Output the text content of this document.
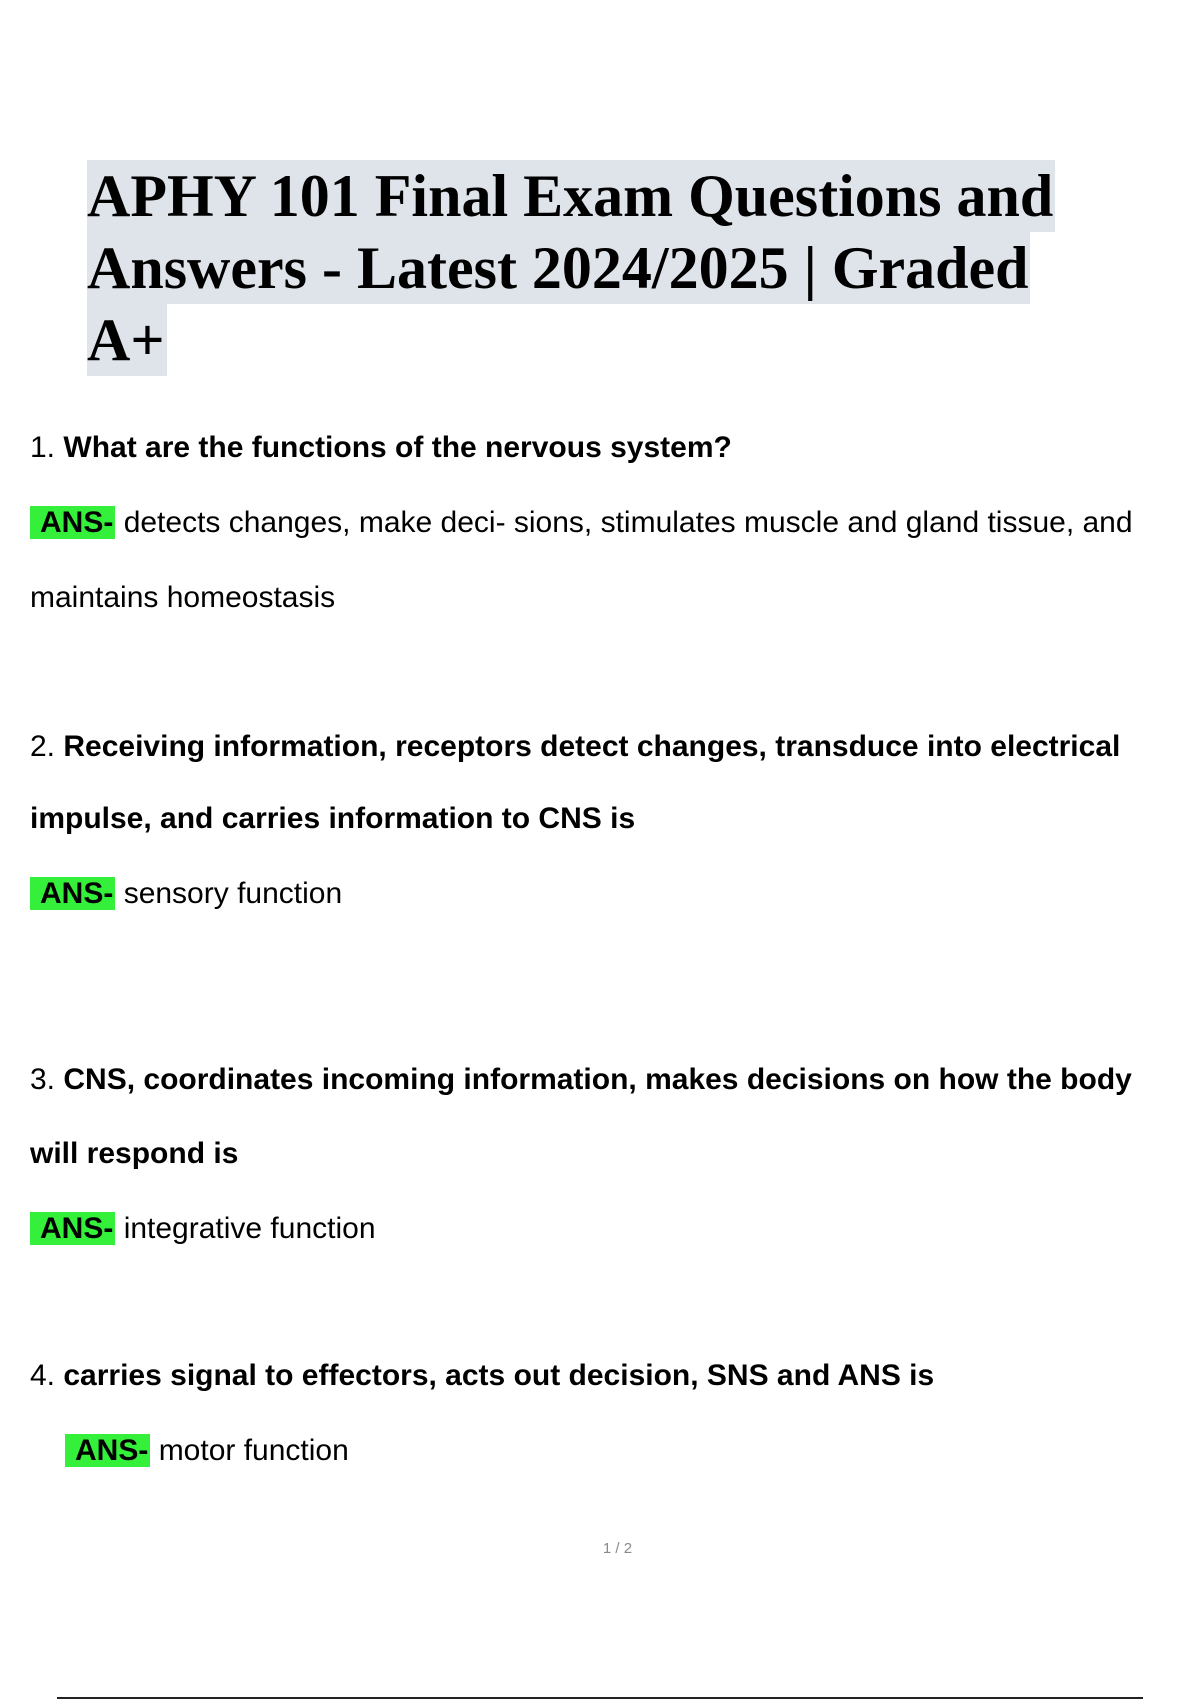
APHY 101 Final Exam Questions and
Answers - Latest 2024/2025 | Graded
A+
1. What are the functions of the nervous system?
ANS- detects changes, make deci- sions, stimulates muscle and gland tissue, and
maintains homeostasis
2. Receiving information, receptors detect changes, transduce into electrical
impulse, and carries information to CNS is
ANS- sensory function
3. CNS, coordinates incoming information, makes decisions on how the body
will respond is
ANS- integrative function
4. carries signal to effectors, acts out decision, SNS and ANS is
ANS- motor function
1 / 2
